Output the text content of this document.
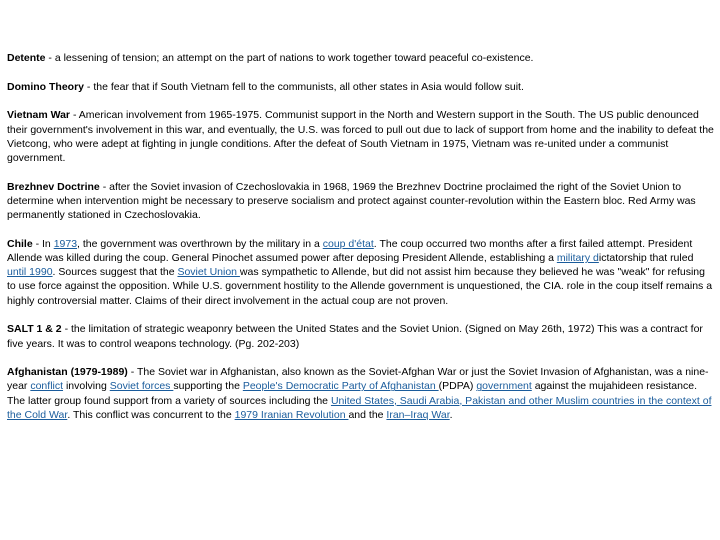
Detente - a lessening of tension; an attempt on the part of nations to work together toward peaceful co-existence.

Domino Theory - the fear that if South Vietnam fell to the communists, all other states in Asia would follow suit.

Vietnam War - American involvement from 1965-1975. Communist support in the North and Western support in the South. The US public denounced their government's involvement in this war, and eventually, the U.S. was forced to pull out due to lack of support from home and the inability to defeat the Vietcong, who were adept at fighting in jungle conditions. After the defeat of South Vietnam in 1975, Vietnam was re-united under a communist government.

Brezhnev Doctrine - after the Soviet invasion of Czechoslovakia in 1968, 1969 the Brezhnev Doctrine proclaimed the right of the Soviet Union to determine when intervention might be necessary to preserve socialism and protect against counter-revolution within the Eastern bloc. Red Army was permanently stationed in Czechoslovakia.

Chile - In 1973, the government was overthrown by the military in a coup d'état. The coup occurred two months after a first failed attempt. President Allende was killed during the coup. General Pinochet assumed power after deposing President Allende, establishing a military dictatorship that ruled until 1990. Sources suggest that the Soviet Union was sympathetic to Allende, but did not assist him because they believed he was "weak" for refusing to use force against the opposition. While U.S. government hostility to the Allende government is unquestioned, the CIA. role in the coup itself remains a highly controversial matter. Claims of their direct involvement in the actual coup are not proven.

SALT 1 & 2 - the limitation of strategic weaponry between the United States and the Soviet Union. (Signed on May 26th, 1972) This was a contract for five years. It was to control weapons technology. (Pg. 202-203)

Afghanistan (1979-1989) - The Soviet war in Afghanistan, also known as the Soviet-Afghan War or just the Soviet Invasion of Afghanistan, was a nine-year conflict involving Soviet forces supporting the People's Democratic Party of Afghanistan (PDPA) government against the mujahideen resistance. The latter group found support from a variety of sources including the United States, Saudi Arabia, Pakistan and other Muslim countries in the context of the Cold War. This conflict was concurrent to the 1979 Iranian Revolution and the Iran–Iraq War.
